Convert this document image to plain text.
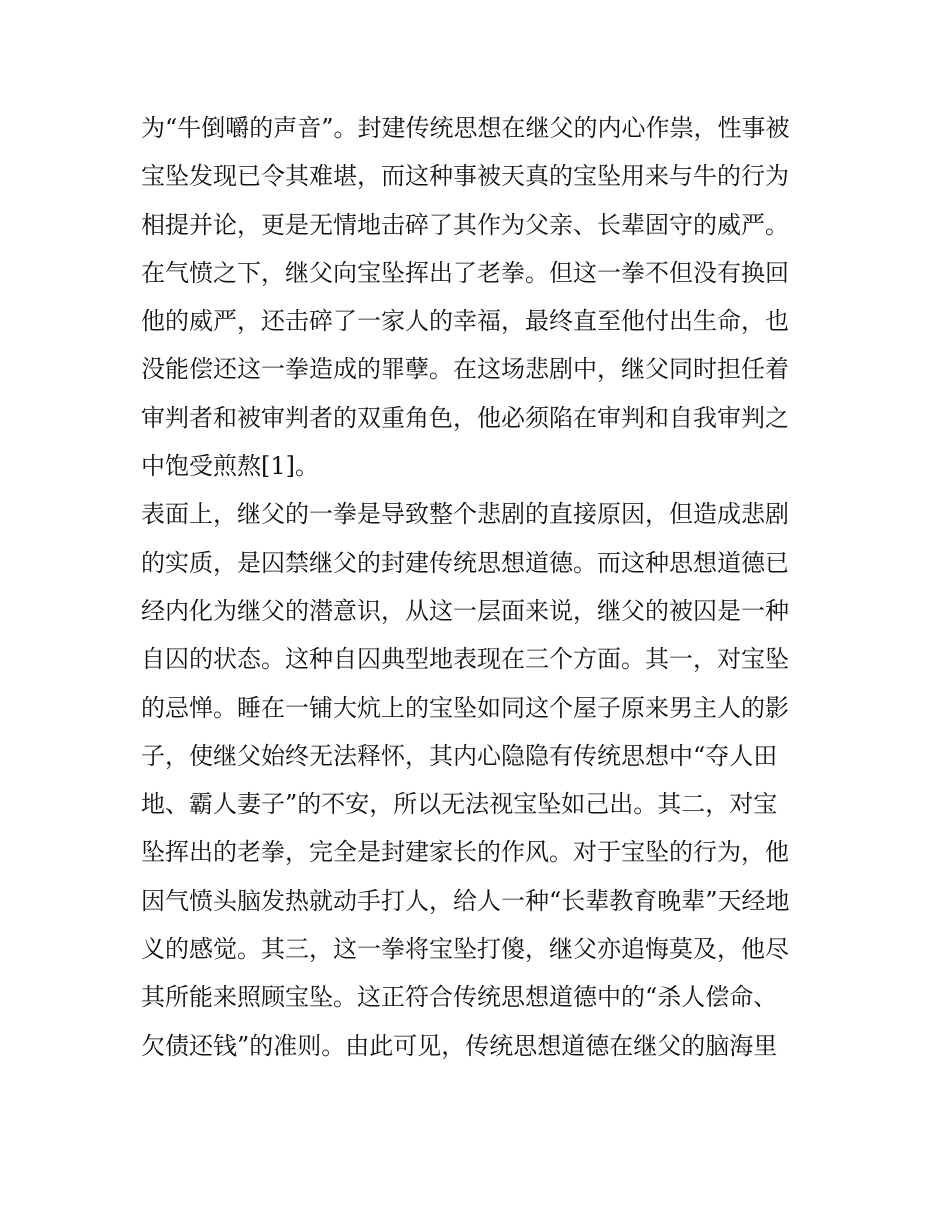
为“牛倒嚼的声音”。封建传统思想在继父的内心作祟，性事被
宝坠发现已令其难堪，而这种事被天真的宝坠用来与牛的行为
相提并论，更是无情地击碎了其作为父亲、长辈固守的威严。
在气愤之下，继父向宝坠挥出了老拳。但这一拳不但没有换回
他的威严，还击碎了一家人的幸福，最终直至他付出生命，也
没能偿还这一拳造成的罪孽。在这场悲剧中，继父同时担任着
审判者和被审判者的双重角色，他必须陷在审判和自我审判之
中饱受煎熬[1]。
表面上，继父的一拳是导致整个悲剧的直接原因，但造成悲剧
的实质，是囚禁继父的封建传统思想道德。而这种思想道德已
经内化为继父的潜意识，从这一层面来说，继父的被囚是一种
自囚的状态。这种自囚典型地表现在三个方面。其一，对宝坠
的忌惮。睡在一铺大炕上的宝坠如同这个屋子原来男主人的影
子，使继父始终无法释怀，其内心隐隐有传统思想中“夺人田
地、霸人妻子”的不安，所以无法视宝坠如己出。其二，对宝
坠挥出的老拳，完全是封建家长的作风。对于宝坠的行为，他
因气愤头脑发热就动手打人，给人一种“长辈教育晚辈”天经地
义的感觉。其三，这一拳将宝坠打傻，继父亦追悔莫及，他尽
其所能来照顾宝坠。这正符合传统思想道德中的“杀人偿命、
欠债还钱”的准则。由此可见，传统思想道德在继父的脑海里
